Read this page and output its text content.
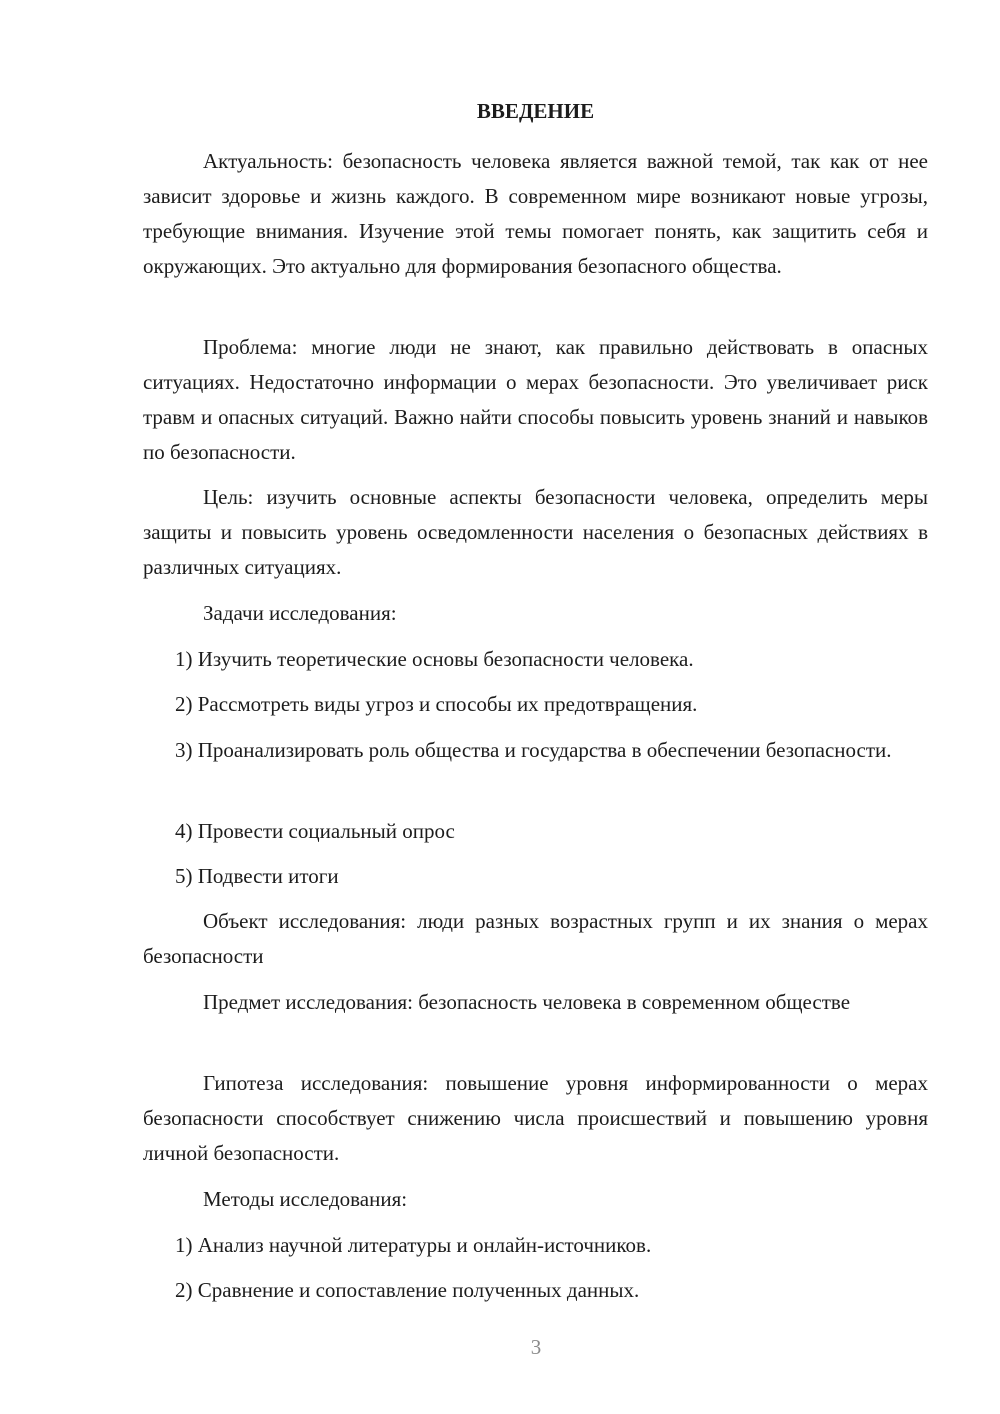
ВВЕДЕНИЕ

Актуальность: безопасность человека является важной темой, так как от нее зависит здоровье и жизнь каждого. В современном мире возникают новые угрозы, требующие внимания. Изучение этой темы помогает понять, как защитить себя и окружающих. Это актуально для формирования безопасного общества.

Проблема: многие люди не знают, как правильно действовать в опасных ситуациях. Недостаточно информации о мерах безопасности. Это увеличивает риск травм и опасных ситуаций. Важно найти способы повысить уровень знаний и навыков по безопасности.

Цель: изучить основные аспекты безопасности человека, определить меры защиты и повысить уровень осведомленности населения о безопасных действиях в различных ситуациях.

Задачи исследования:

1) Изучить теоретические основы безопасности человека.

2) Рассмотреть виды угроз и способы их предотвращения.

3) Проанализировать роль общества и государства в обеспечении безопасности.

4) Провести социальный опрос

5) Подвести итоги

Объект исследования: люди разных возрастных групп и их знания о мерах безопасности

Предмет исследования: безопасность человека в современном обществе

Гипотеза исследования: повышение уровня информированности о мерах безопасности способствует снижению числа происшествий и повышению уровня личной безопасности.

Методы исследования:

1) Анализ научной литературы и онлайн-источников.

2) Сравнение и сопоставление полученных данных.

3
